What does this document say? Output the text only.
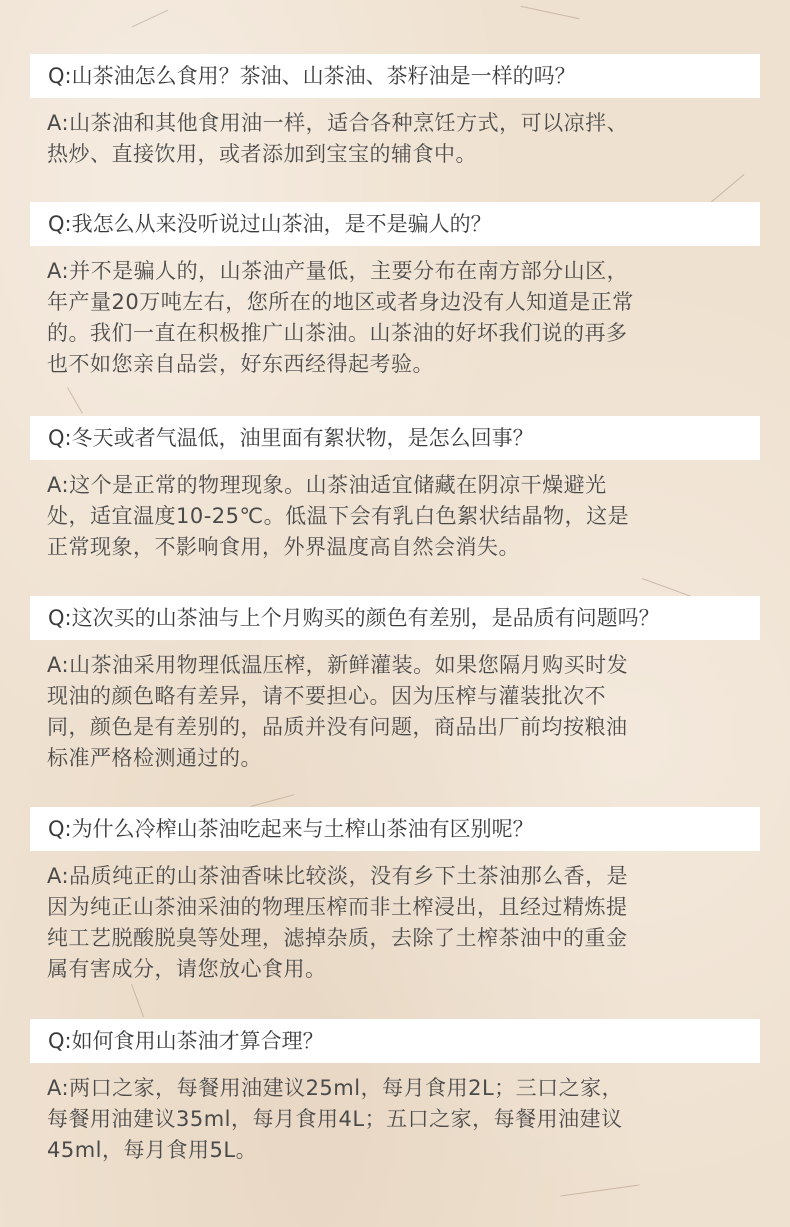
Q:山茶油怎么食用？茶油、山茶油、茶籽油是一样的吗？
A:山茶油和其他食用油一样，适合各种烹饪方式，可以凉拌、
热炒、直接饮用，或者添加到宝宝的辅食中。
Q:我怎么从来没听说过山茶油，是不是骗人的？
A:并不是骗人的，山茶油产量低，主要分布在南方部分山区，
年产量20万吨左右，您所在的地区或者身边没有人知道是正常
的。我们一直在积极推广山茶油。山茶油的好坏我们说的再多
也不如您亲自品尝，好东西经得起考验。
Q:冬天或者气温低，油里面有絮状物，是怎么回事？
A:这个是正常的物理现象。山茶油适宜储藏在阴凉干燥避光
处，适宜温度10-25℃。低温下会有乳白色絮状结晶物，这是
正常现象，不影响食用，外界温度高自然会消失。
Q:这次买的山茶油与上个月购买的颜色有差别，是品质有问题吗？
A:山茶油采用物理低温压榨，新鲜灌装。如果您隔月购买时发
现油的颜色略有差异，请不要担心。因为压榨与灌装批次不
同，颜色是有差别的，品质并没有问题，商品出厂前均按粮油
标准严格检测通过的。
Q:为什么冷榨山茶油吃起来与土榨山茶油有区别呢？
A:品质纯正的山茶油香味比较淡，没有乡下土茶油那么香，是
因为纯正山茶油采油的物理压榨而非土榨浸出，且经过精炼提
纯工艺脱酸脱臭等处理，滤掉杂质，去除了土榨茶油中的重金
属有害成分，请您放心食用。
Q:如何食用山茶油才算合理？
A:两口之家，每餐用油建议25ml，每月食用2L；三口之家，
每餐用油建议35ml，每月食用4L；五口之家，每餐用油建议
45ml，每月食用5L。
